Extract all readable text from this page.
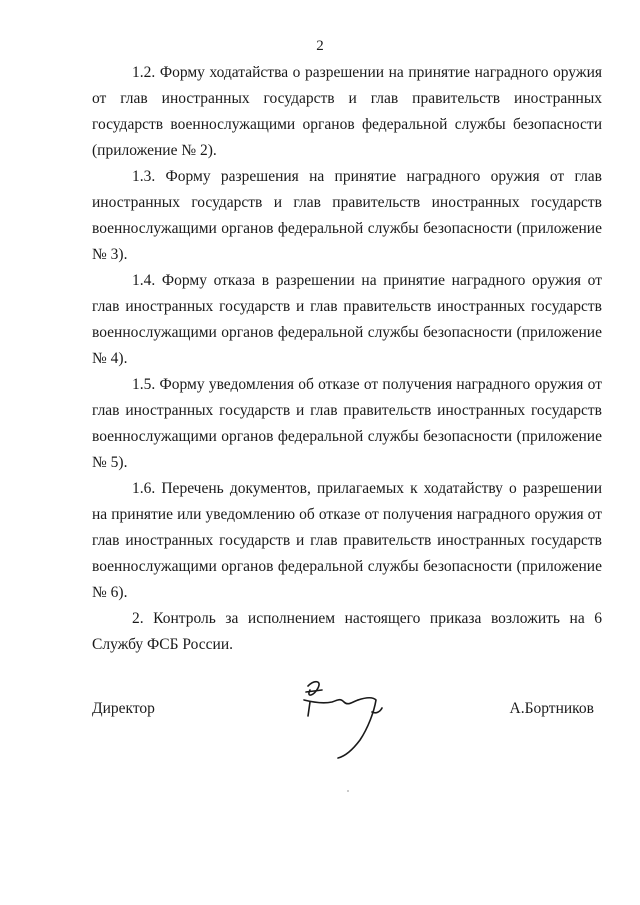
2

1.2. Форму ходатайства о разрешении на принятие наградного оружия от глав иностранных государств и глав правительств иностранных государств военнослужащими органов федеральной службы безопасности (приложение № 2).

1.3. Форму разрешения на принятие наградного оружия от глав иностранных государств и глав правительств иностранных государств военнослужащими органов федеральной службы безопасности (приложение № 3).

1.4. Форму отказа в разрешении на принятие наградного оружия от глав иностранных государств и глав правительств иностранных государств военнослужащими органов федеральной службы безопасности (приложение № 4).

1.5. Форму уведомления об отказе от получения наградного оружия от глав иностранных государств и глав правительств иностранных государств военнослужащими органов федеральной службы безопасности (приложение № 5).

1.6. Перечень документов, прилагаемых к ходатайству о разрешении на принятие или уведомлению об отказе от получения наградного оружия от глав иностранных государств и глав правительств иностранных государств военнослужащими органов федеральной службы безопасности (приложение № 6).

2. Контроль за исполнением настоящего приказа возложить на 6 Службу ФСБ России.

Директор	А.Бортников
